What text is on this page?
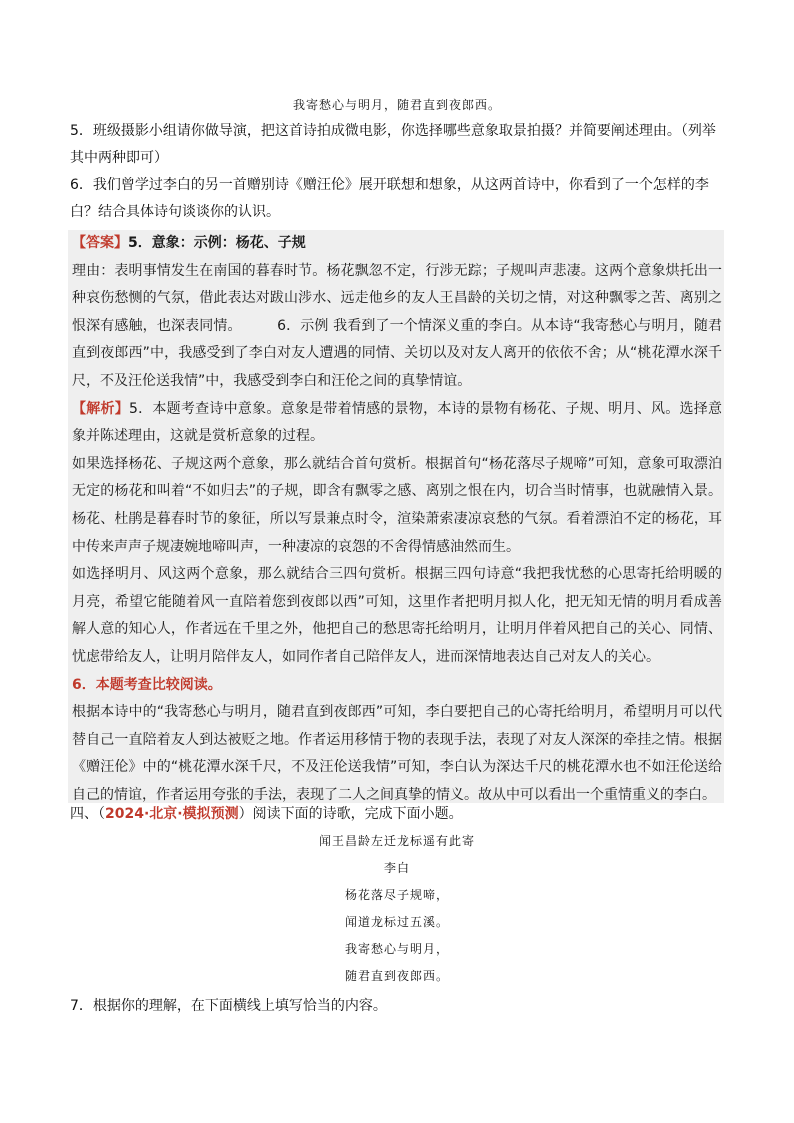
我寄愁心与明月，随君直到夜郎西。
5．班级摄影小组请你做导演，把这首诗拍成微电影，你选择哪些意象取景拍摄？并简要阐述理由。（列举其中两种即可）
6．我们曾学过李白的另一首赠别诗《赠汪伦》展开联想和想象，从这两首诗中，你看到了一个怎样的李白？结合具体诗句谈谈你的认识。
【答案】5．意象：示例：杨花、子规
理由：表明事情发生在南国的暮春时节。杨花飘忽不定，行涉无踪；子规叫声悲凄。这两个意象烘托出一种哀伤愁恻的气氛，借此表达对跋山涉水、远走他乡的友人王昌龄的关切之情，对这种飘零之苦、离别之恨深有感触，也深表同情。　　　	6．示例 我看到了一个情深义重的李白。从本诗“我寄愁心与明月，随君直到夜郎西”中，我感受到了李白对友人遭遇的同情、关切以及对友人离开的依依不舍；从“桃花潭水深千尺，不及汪伦送我情”中，我感受到李白和汪伦之间的真挚情谊。
【解析】5．本题考查诗中意象。意象是带着情感的景物，本诗的景物有杨花、子规、明月、风。选择意象并陈述理由，这就是赏析意象的过程。
如果选择杨花、子规这两个意象，那么就结合首句赏析。根据首句“杨花落尽子规啼”可知，意象可取漂泊无定的杨花和叫着“不如归去”的子规，即含有飘零之感、离别之恨在内，切合当时情事，也就融情入景。杨花、杜鹃是暮春时节的象征，所以写景兼点时令，渲染萧索凄凉哀愁的气氛。看着漂泊不定的杨花，耳中传来声声子规凄婉地啼叫声，一种凄凉的哀怨的不舍得情感油然而生。
如选择明月、风这两个意象，那么就结合三四句赏析。根据三四句诗意“我把我忧愁的心思寄托给明暖的月亮，希望它能随着风一直陪着您到夜郎以西”可知，这里作者把明月拟人化，把无知无情的明月看成善解人意的知心人，作者远在千里之外，他把自己的愁思寄托给明月，让明月伴着风把自己的关心、同情、忧虑带给友人，让明月陪伴友人，如同作者自己陪伴友人，进而深情地表达自己对友人的关心。
6．本题考查比较阅读。
根据本诗中的“我寄愁心与明月，随君直到夜郎西”可知，李白要把自己的心寄托给明月，希望明月可以代替自己一直陪着友人到达被贬之地。作者运用移情于物的表现手法，表现了对友人深深的牵挂之情。根据《赠汪伦》中的“桃花潭水深千尺，不及汪伦送我情”可知，李白认为深达千尺的桃花潭水也不如汪伦送给自己的情谊，作者运用夸张的手法，表现了二人之间真挚的情义。故从中可以看出一个重情重义的李白。
四、（2024·北京·模拟预测）阅读下面的诗歌，完成下面小题。
闻王昌龄左迁龙标遥有此寄
李白
杨花落尽子规啼，
闻道龙标过五溪。
我寄愁心与明月，
随君直到夜郎西。
7．根据你的理解，在下面横线上填写恰当的内容。
